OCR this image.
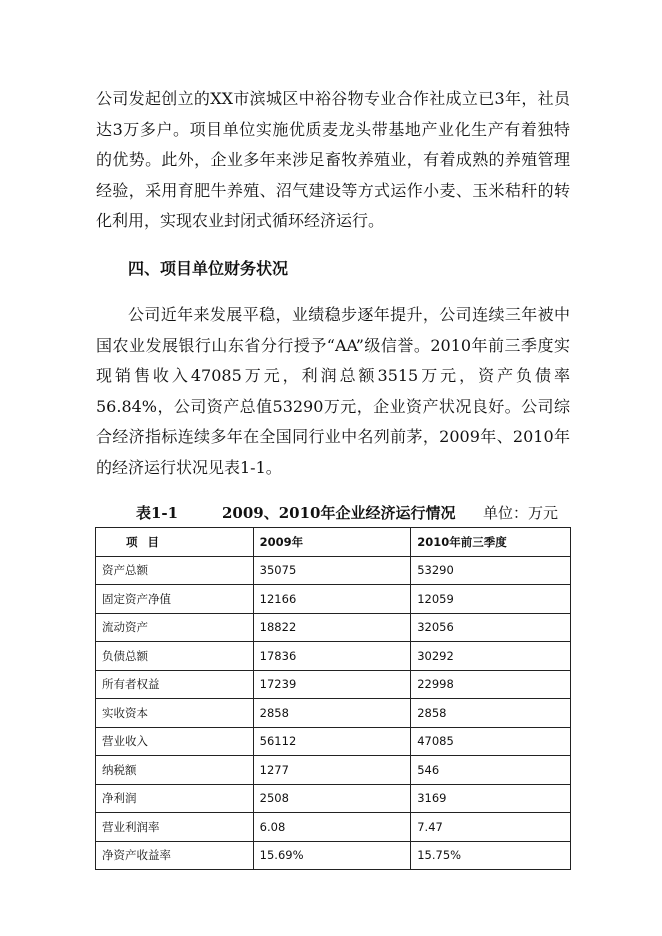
公司发起创立的XX市滨城区中裕谷物专业合作社成立已3年，社员达3万多户。项目单位实施优质麦龙头带基地产业化生产有着独特的优势。此外，企业多年来涉足畜牧养殖业，有着成熟的养殖管理经验，采用育肥牛养殖、沼气建设等方式运作小麦、玉米秸秆的转化利用，实现农业封闭式循环经济运行。

四、项目单位财务状况

公司近年来发展平稳，业绩稳步逐年提升，公司连续三年被中国农业发展银行山东省分行授予“AA”级信誉。2010年前三季度实现销售收入47085万元，利润总额3515万元，资产负债率56.84%，公司资产总值53290万元，企业资产状况良好。公司综合经济指标连续多年在全国同行业中名列前茅，2009年、2010年的经济运行状况见表1-1。

表1-1	2009、2010年企业经济运行情况 单位：万元

项目	2009年	2010年前三季度
资产总额	35075	53290
固定资产净值	12166	12059
流动资产	18822	32056
负债总额	17836	30292
所有者权益	17239	22998
实收资本	2858	2858
营业收入	56112	47085
纳税额	1277	546
净利润	2508	3169
营业利润率	6.08	7.47
净资产收益率	15.69%	15.75%
